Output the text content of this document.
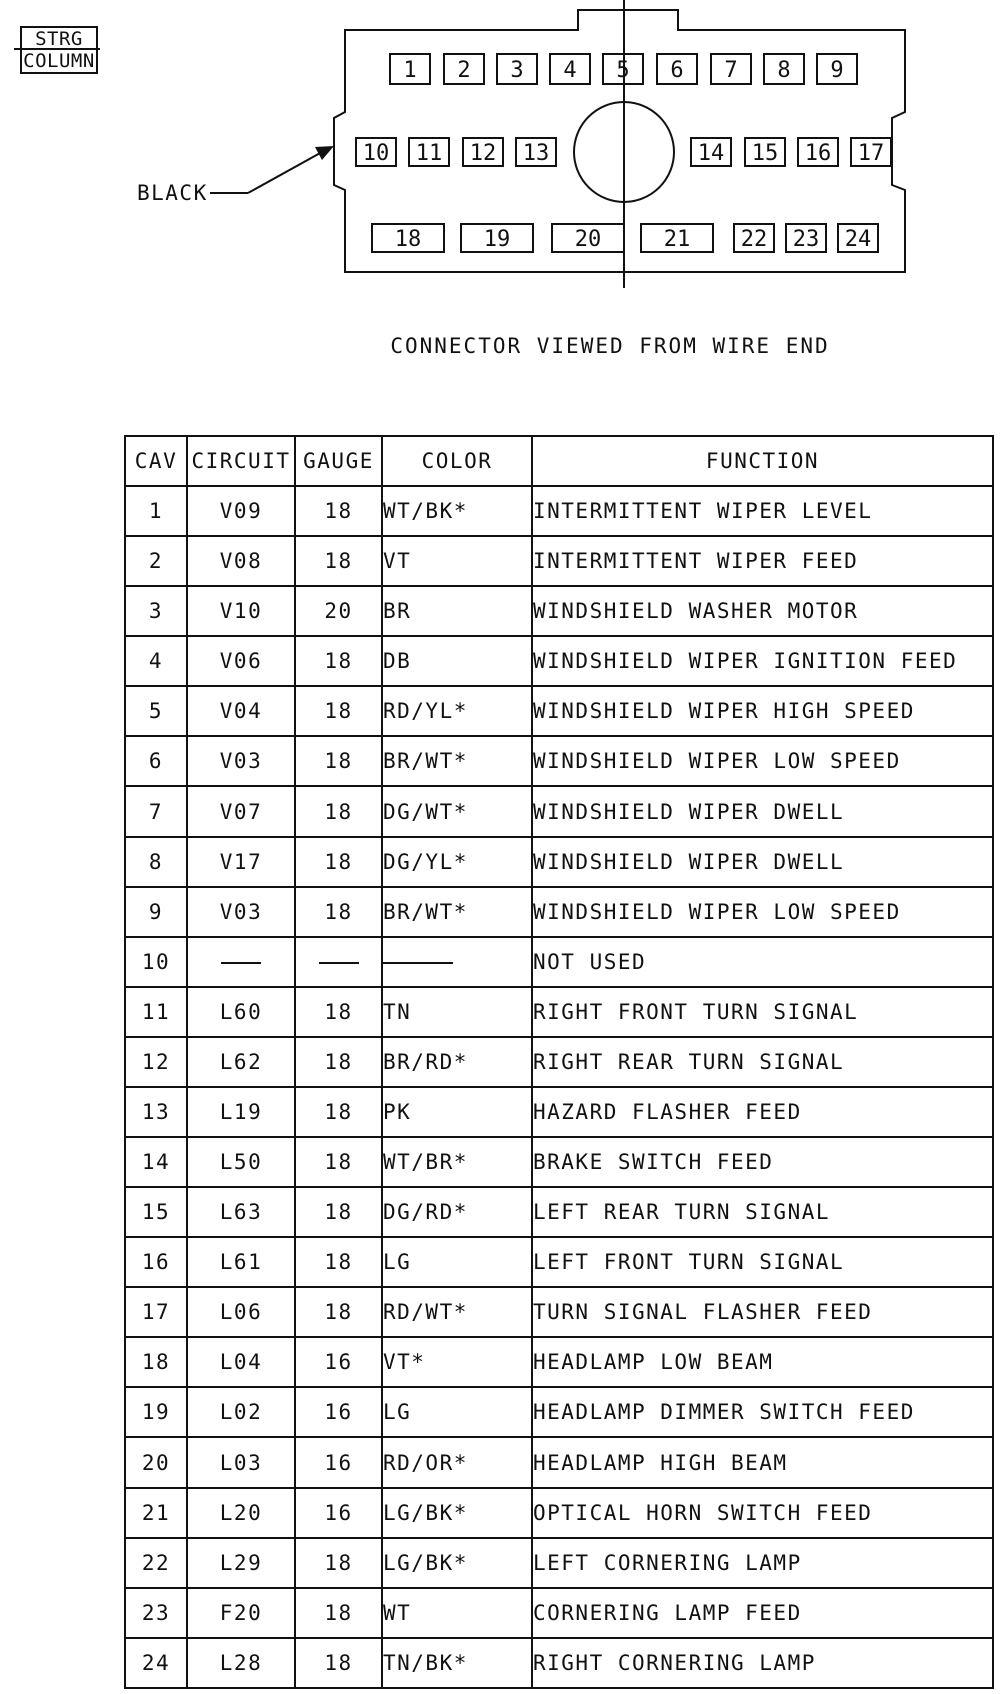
STRG
COLUMN	1 2 3 4 5 6 7 8 9
10 11 12 13	14 15 16 17
18	19	20	21 22 23 24
BLACK
CONNECTOR VIEWED FROM WIRE END
CAV	CIRCUIT	GAUGE	COLOR	FUNCTION
1	V09	18	WT/BK*	INTERMITTENT WIPER LEVEL
2	V08	18	VT	INTERMITTENT WIPER FEED
3	V10	20	BR	WINDSHIELD WASHER MOTOR
4	V06	18	DB	WINDSHIELD WIPER IGNITION FEED
5	V04	18	RD/YL*	WINDSHIELD WIPER HIGH SPEED
6	V03	18	BR/WT*	WINDSHIELD WIPER LOW SPEED
7	V07	18	DG/WT*	WINDSHIELD WIPER DWELL
8	V17	18	DG/YL*	WINDSHIELD WIPER DWELL
9	V03	18	BR/WT*	WINDSHIELD WIPER LOW SPEED
10				NOT USED
11	L60	18	TN	RIGHT FRONT TURN SIGNAL
12	L62	18	BR/RD*	RIGHT REAR TURN SIGNAL
13	L19	18	PK	HAZARD FLASHER FEED
14	L50	18	WT/BR*	BRAKE SWITCH FEED
15	L63	18	DG/RD*	LEFT REAR TURN SIGNAL
16	L61	18	LG	LEFT FRONT TURN SIGNAL
17	L06	18	RD/WT*	TURN SIGNAL FLASHER FEED
18	L04	16	VT*	HEADLAMP LOW BEAM
19	L02	16	LG	HEADLAMP DIMMER SWITCH FEED
20	L03	16	RD/OR*	HEADLAMP HIGH BEAM
21	L20	16	LG/BK*	OPTICAL HORN SWITCH FEED
22	L29	18	LG/BK*	LEFT CORNERING LAMP
23	F20	18	WT	CORNERING LAMP FEED
24	L28	18	TN/BK*	RIGHT CORNERING LAMP
